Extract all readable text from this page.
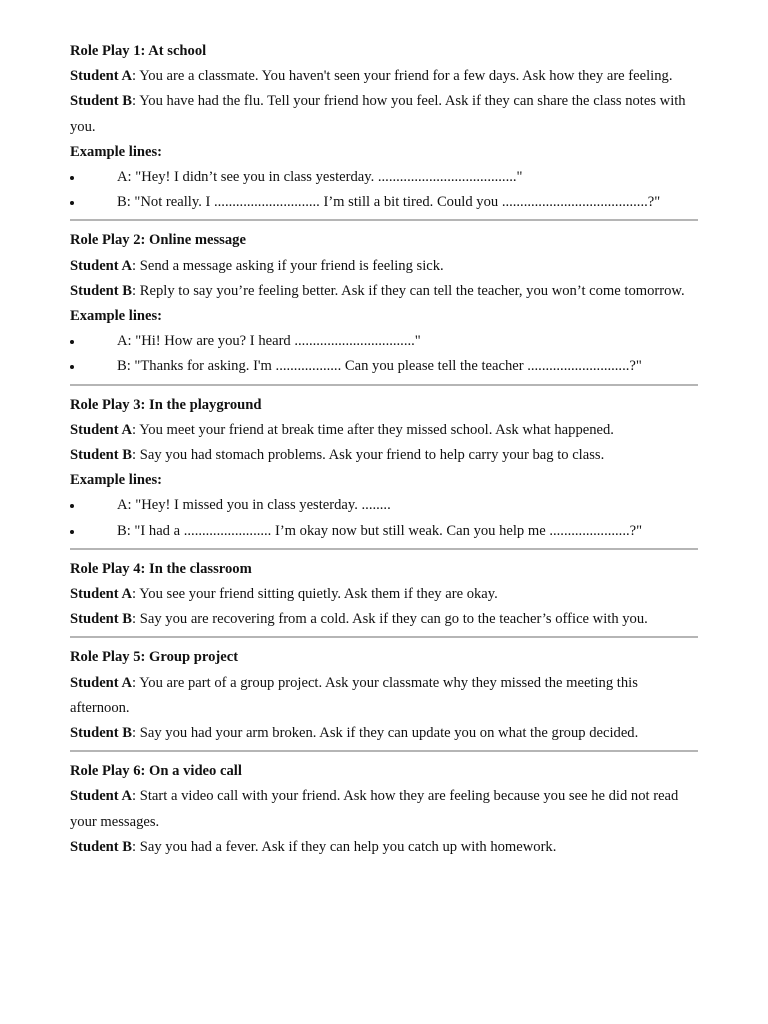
Role Play 1: At school

Student A: You are a classmate. You haven't seen your friend for a few days. Ask how they are feeling.

Student B: You have had the flu. Tell your friend how you feel. Ask if they can share the class notes with you.

Example lines:

A: "Hey! I didn’t see you in class yesterday. ......................................"
B: "Not really. I ............................. I’m still a bit tired. Could you ........................................?"

Role Play 2: Online message

Student A: Send a message asking if your friend is feeling sick.

Student B: Reply to say you’re feeling better. Ask if they can tell the teacher, you won’t come tomorrow.

Example lines:

A: "Hi! How are you? I heard ................................."
B: "Thanks for asking. I'm .................. Can you please tell the teacher ............................?"

Role Play 3: In the playground

Student A: You meet your friend at break time after they missed school. Ask what happened.

Student B: Say you had stomach problems. Ask your friend to help carry your bag to class.

Example lines:

A: "Hey! I missed you in class yesterday. ........
B: "I had a ........................ I’m okay now but still weak. Can you help me ......................?"

Role Play 4: In the classroom

Student A: You see your friend sitting quietly. Ask them if they are okay.

Student B: Say you are recovering from a cold. Ask if they can go to the teacher’s office with you.

Role Play 5: Group project

Student A: You are part of a group project. Ask your classmate why they missed the meeting this afternoon.

Student B: Say you had your arm broken. Ask if they can update you on what the group decided.

Role Play 6: On a video call

Student A: Start a video call with your friend. Ask how they are feeling because you see he did not read your messages.

Student B: Say you had a fever. Ask if they can help you catch up with homework.
